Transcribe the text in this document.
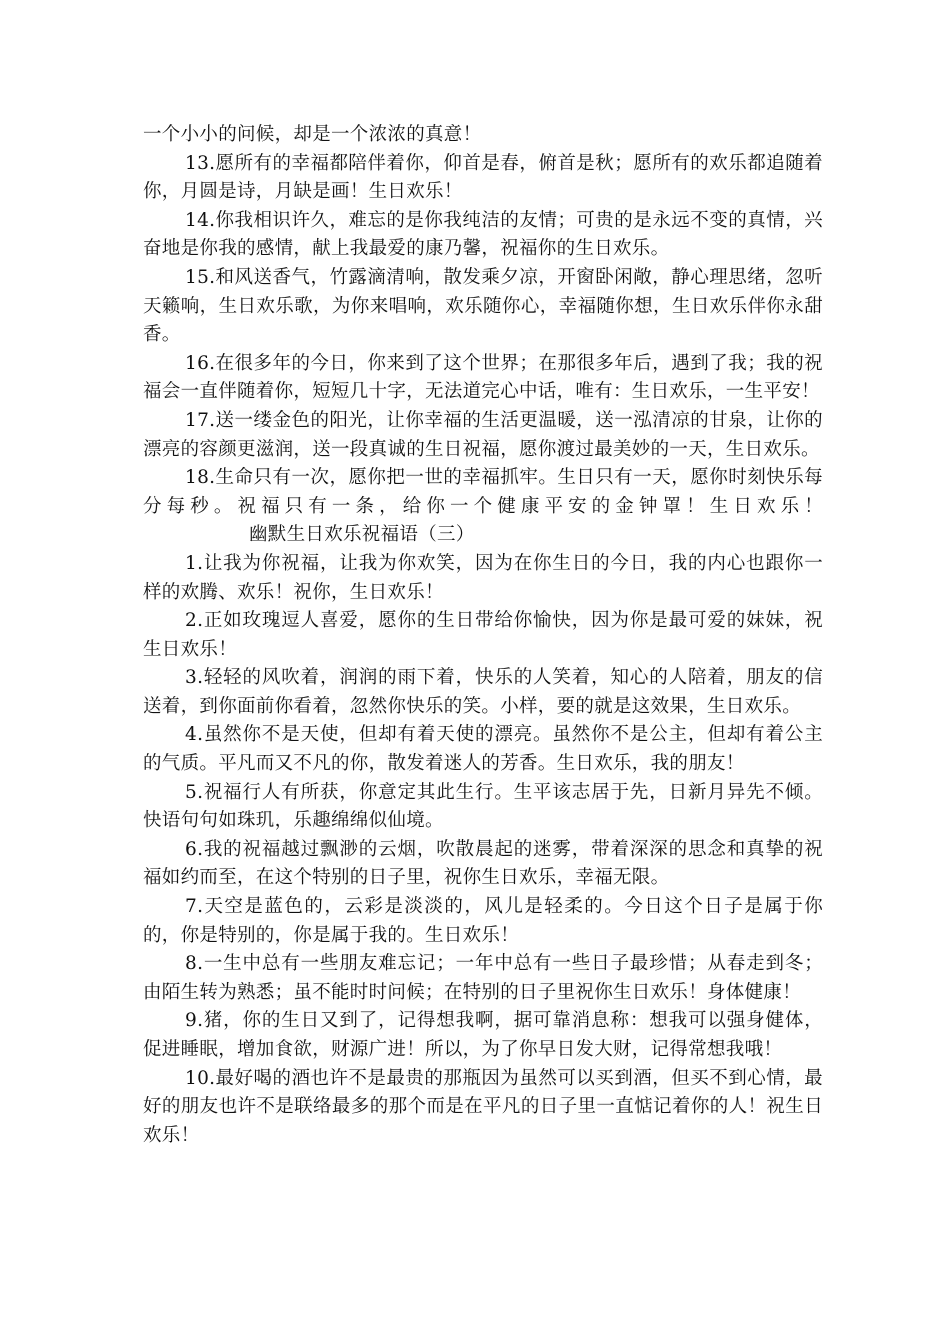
一个小小的问候，却是一个浓浓的真意！

13.愿所有的幸福都陪伴着你，仰首是春，俯首是秋；愿所有的欢乐都追随着你，月圆是诗，月缺是画！生日欢乐！

14.你我相识许久，难忘的是你我纯洁的友情；可贵的是永远不变的真情，兴奋地是你我的感情，献上我最爱的康乃馨，祝福你的生日欢乐。

15.和风送香气，竹露滴清响，散发乘夕凉，开窗卧闲敞，静心理思绪，忽听天籁响，生日欢乐歌，为你来唱响，欢乐随你心，幸福随你想，生日欢乐伴你永甜香。

16.在很多年的今日，你来到了这个世界；在那很多年后，遇到了我；我的祝福会一直伴随着你，短短几十字，无法道完心中话，唯有：生日欢乐，一生平安！

17.送一缕金色的阳光，让你幸福的生活更温暖，送一泓清凉的甘泉，让你的漂亮的容颜更滋润，送一段真诚的生日祝福，愿你渡过最美妙的一天，生日欢乐。

18.生命只有一次，愿你把一世的幸福抓牢。生日只有一天，愿你时刻快乐每分每秒。祝福只有一条，给你一个健康平安的金钟罩！生日欢乐！幽默生日欢乐祝福语（三）

1.让我为你祝福，让我为你欢笑，因为在你生日的今日，我的内心也跟你一样的欢腾、欢乐！祝你，生日欢乐！

2.正如玫瑰逗人喜爱，愿你的生日带给你愉快，因为你是最可爱的妹妹，祝生日欢乐！

3.轻轻的风吹着，润润的雨下着，快乐的人笑着，知心的人陪着，朋友的信送着，到你面前你看着，忽然你快乐的笑。小样，要的就是这效果，生日欢乐。

4.虽然你不是天使，但却有着天使的漂亮。虽然你不是公主，但却有着公主的气质。平凡而又不凡的你，散发着迷人的芳香。生日欢乐，我的朋友！

5.祝福行人有所获，你意定其此生行。生平该志居于先，日新月异先不倾。快语句句如珠玑，乐趣绵绵似仙境。

6.我的祝福越过飘渺的云烟，吹散晨起的迷雾，带着深深的思念和真挚的祝福如约而至，在这个特别的日子里，祝你生日欢乐，幸福无限。

7.天空是蓝色的，云彩是淡淡的，风儿是轻柔的。今日这个日子是属于你的，你是特别的，你是属于我的。生日欢乐！

8.一生中总有一些朋友难忘记；一年中总有一些日子最珍惜；从春走到冬；由陌生转为熟悉；虽不能时时问候；在特别的日子里祝你生日欢乐！身体健康！

9.猪，你的生日又到了，记得想我啊，据可靠消息称：想我可以强身健体，促进睡眠，增加食欲，财源广进！所以，为了你早日发大财，记得常想我哦！

10.最好喝的酒也许不是最贵的那瓶因为虽然可以买到酒，但买不到心情，最好的朋友也许不是联络最多的那个而是在平凡的日子里一直惦记着你的人！祝生日欢乐！
